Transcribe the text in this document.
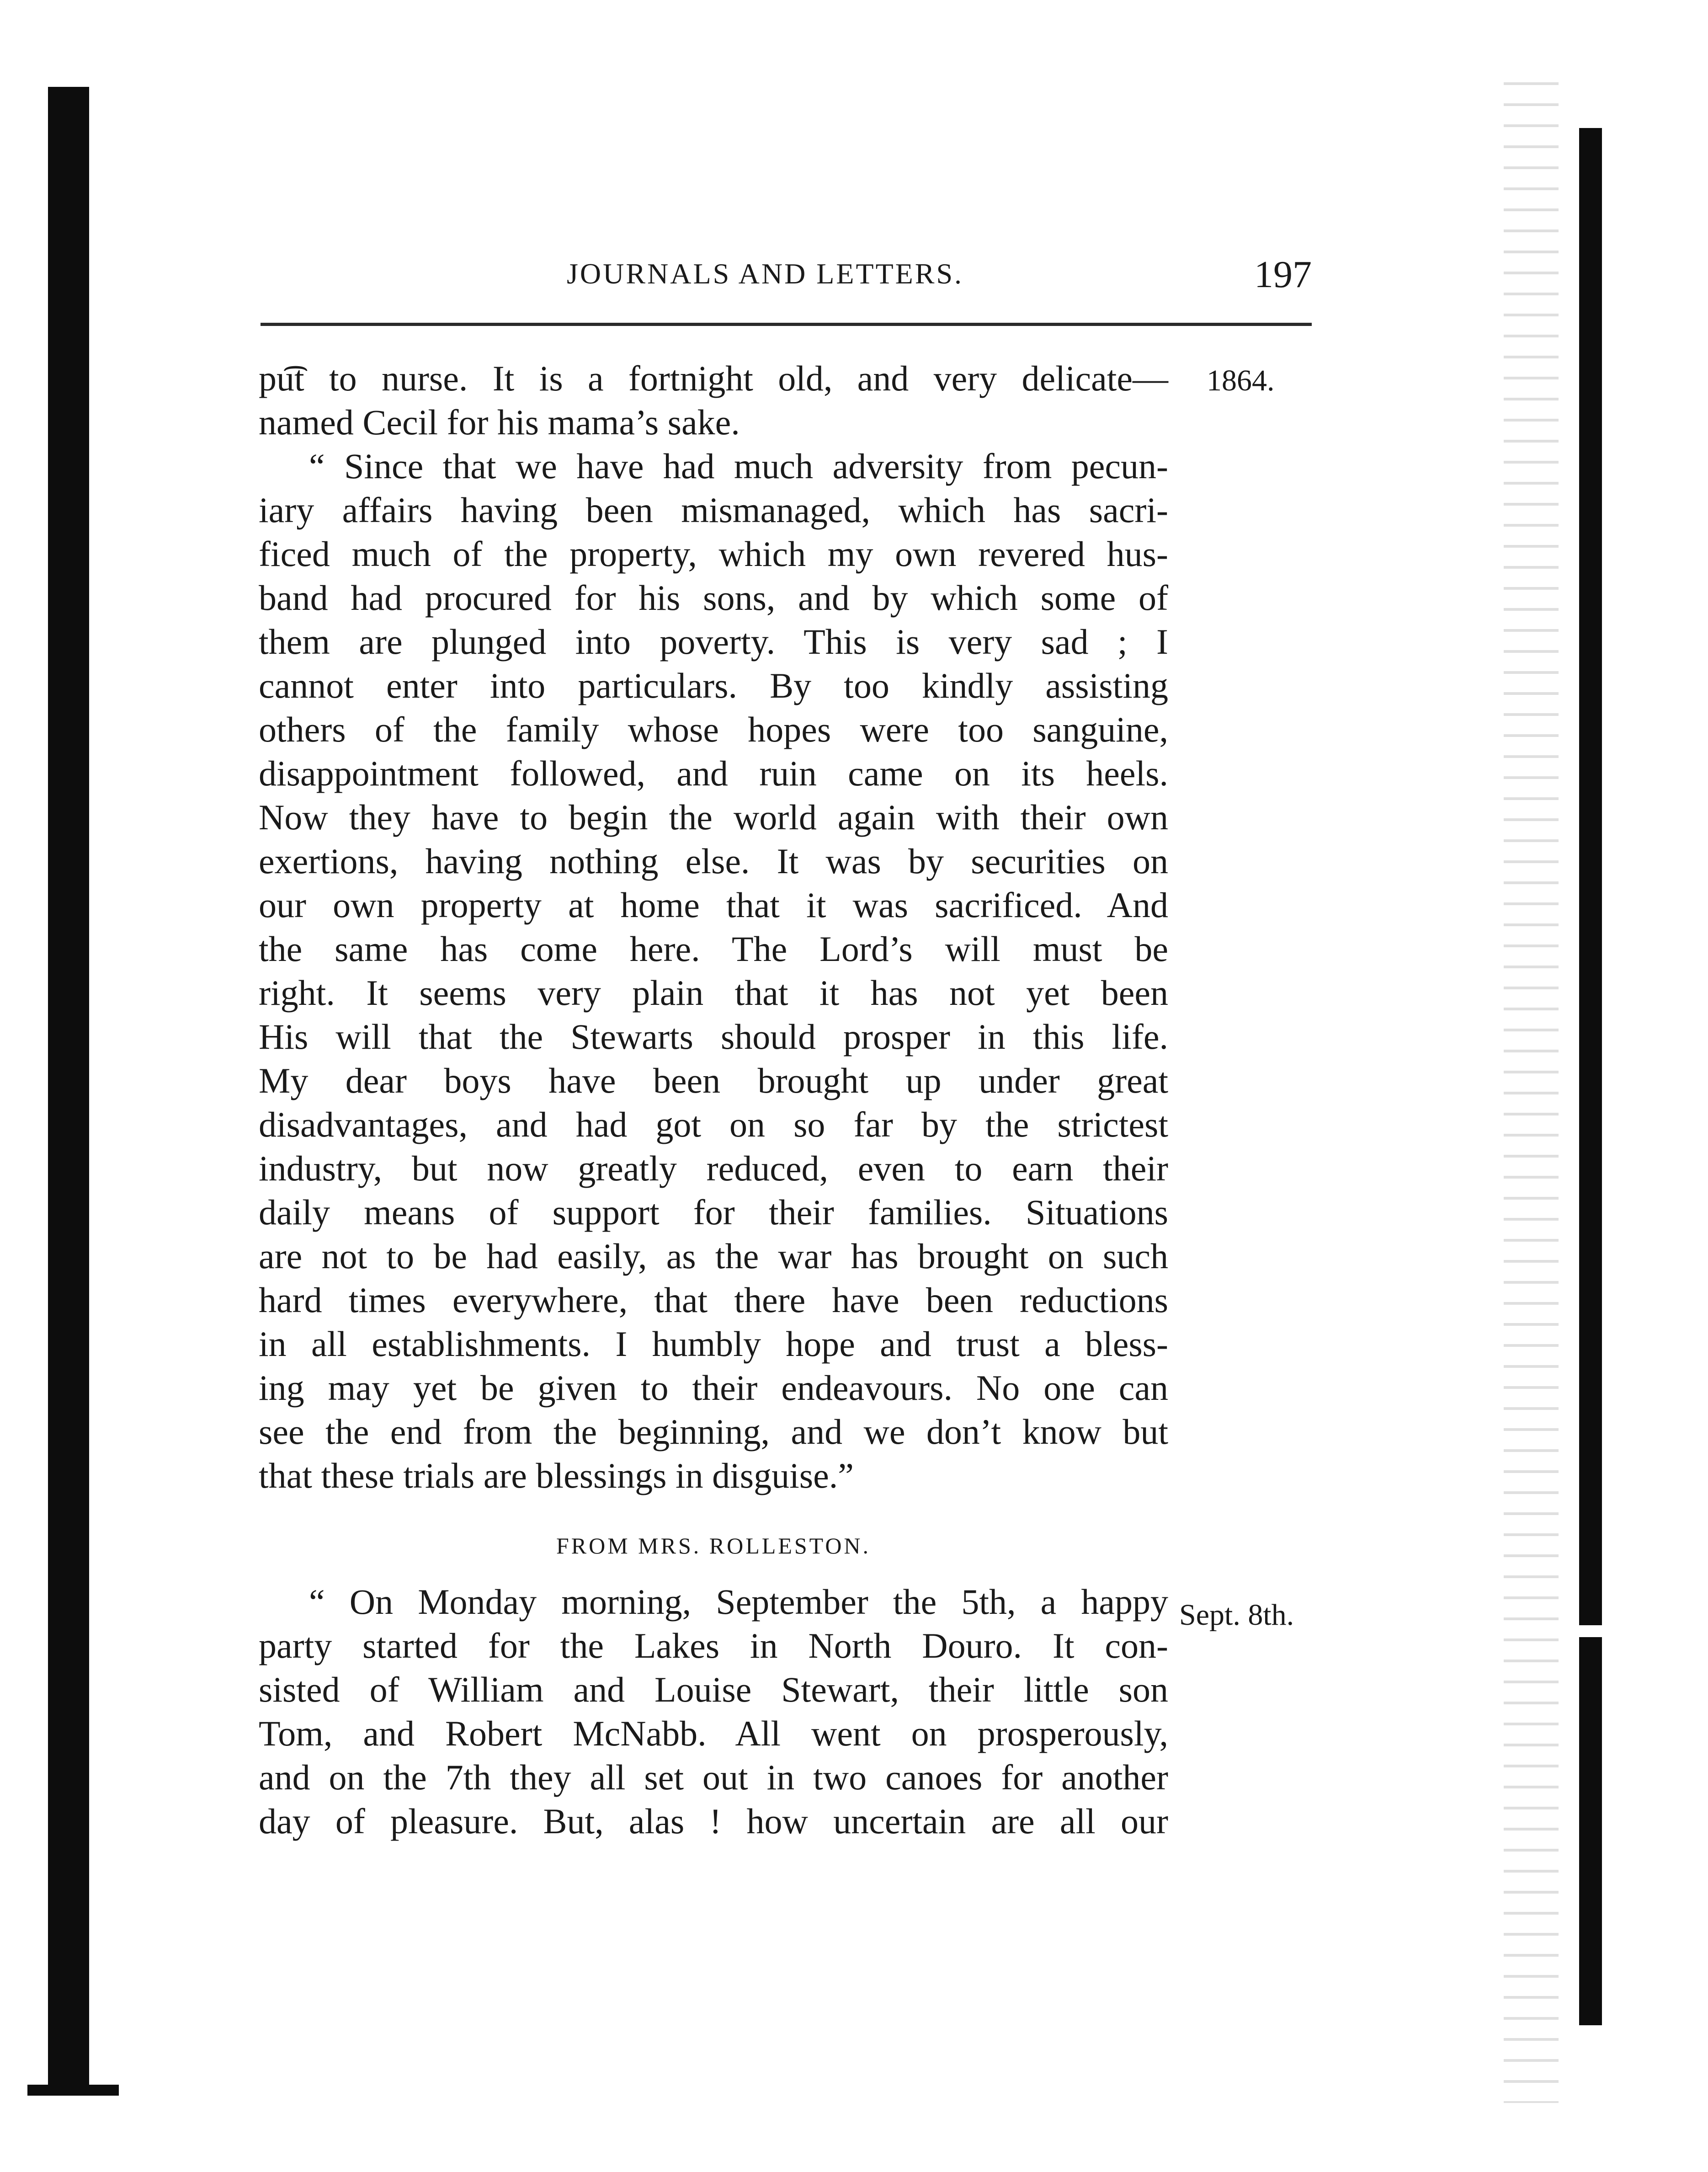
JOURNALS AND LETTERS.	197
pu͡t to nurse. It is a fortnight old, and very delicate—
named Cecil for his mama’s sake.
“ Since that we have had much adversity from pecun-
iary affairs having been mismanaged, which has sacri-
ficed much of the property, which my own revered hus-
band had procured for his sons, and by which some of
them are plunged into poverty. This is very sad ; I
cannot enter into particulars. By too kindly assisting
others of the family whose hopes were too sanguine,
disappointment followed, and ruin came on its heels.
Now they have to begin the world again with their own
exertions, having nothing else. It was by securities on
our own property at home that it was sacrificed. And
the same has come here. The Lord’s will must be
right. It seems very plain that it has not yet been
His will that the Stewarts should prosper in this life.
My dear boys have been brought up under great
disadvantages, and had got on so far by the strictest
industry, but now greatly reduced, even to earn their
daily means of support for their families. Situations
are not to be had easily, as the war has brought on such
hard times everywhere, that there have been reductions
in all establishments. I humbly hope and trust a bless-
ing may yet be given to their endeavours. No one can
see the end from the beginning, and we don’t know but
that these trials are blessings in disguise.”
FROM MRS. ROLLESTON.
“ On Monday morning, September the 5th, a happy
party started for the Lakes in North Douro. It con-
sisted of William and Louise Stewart, their little son
Tom, and Robert McNabb. All went on prosperously,
and on the 7th they all set out in two canoes for another
day of pleasure. But, alas ! how uncertain are all our
1864.
Sept. 8th.
